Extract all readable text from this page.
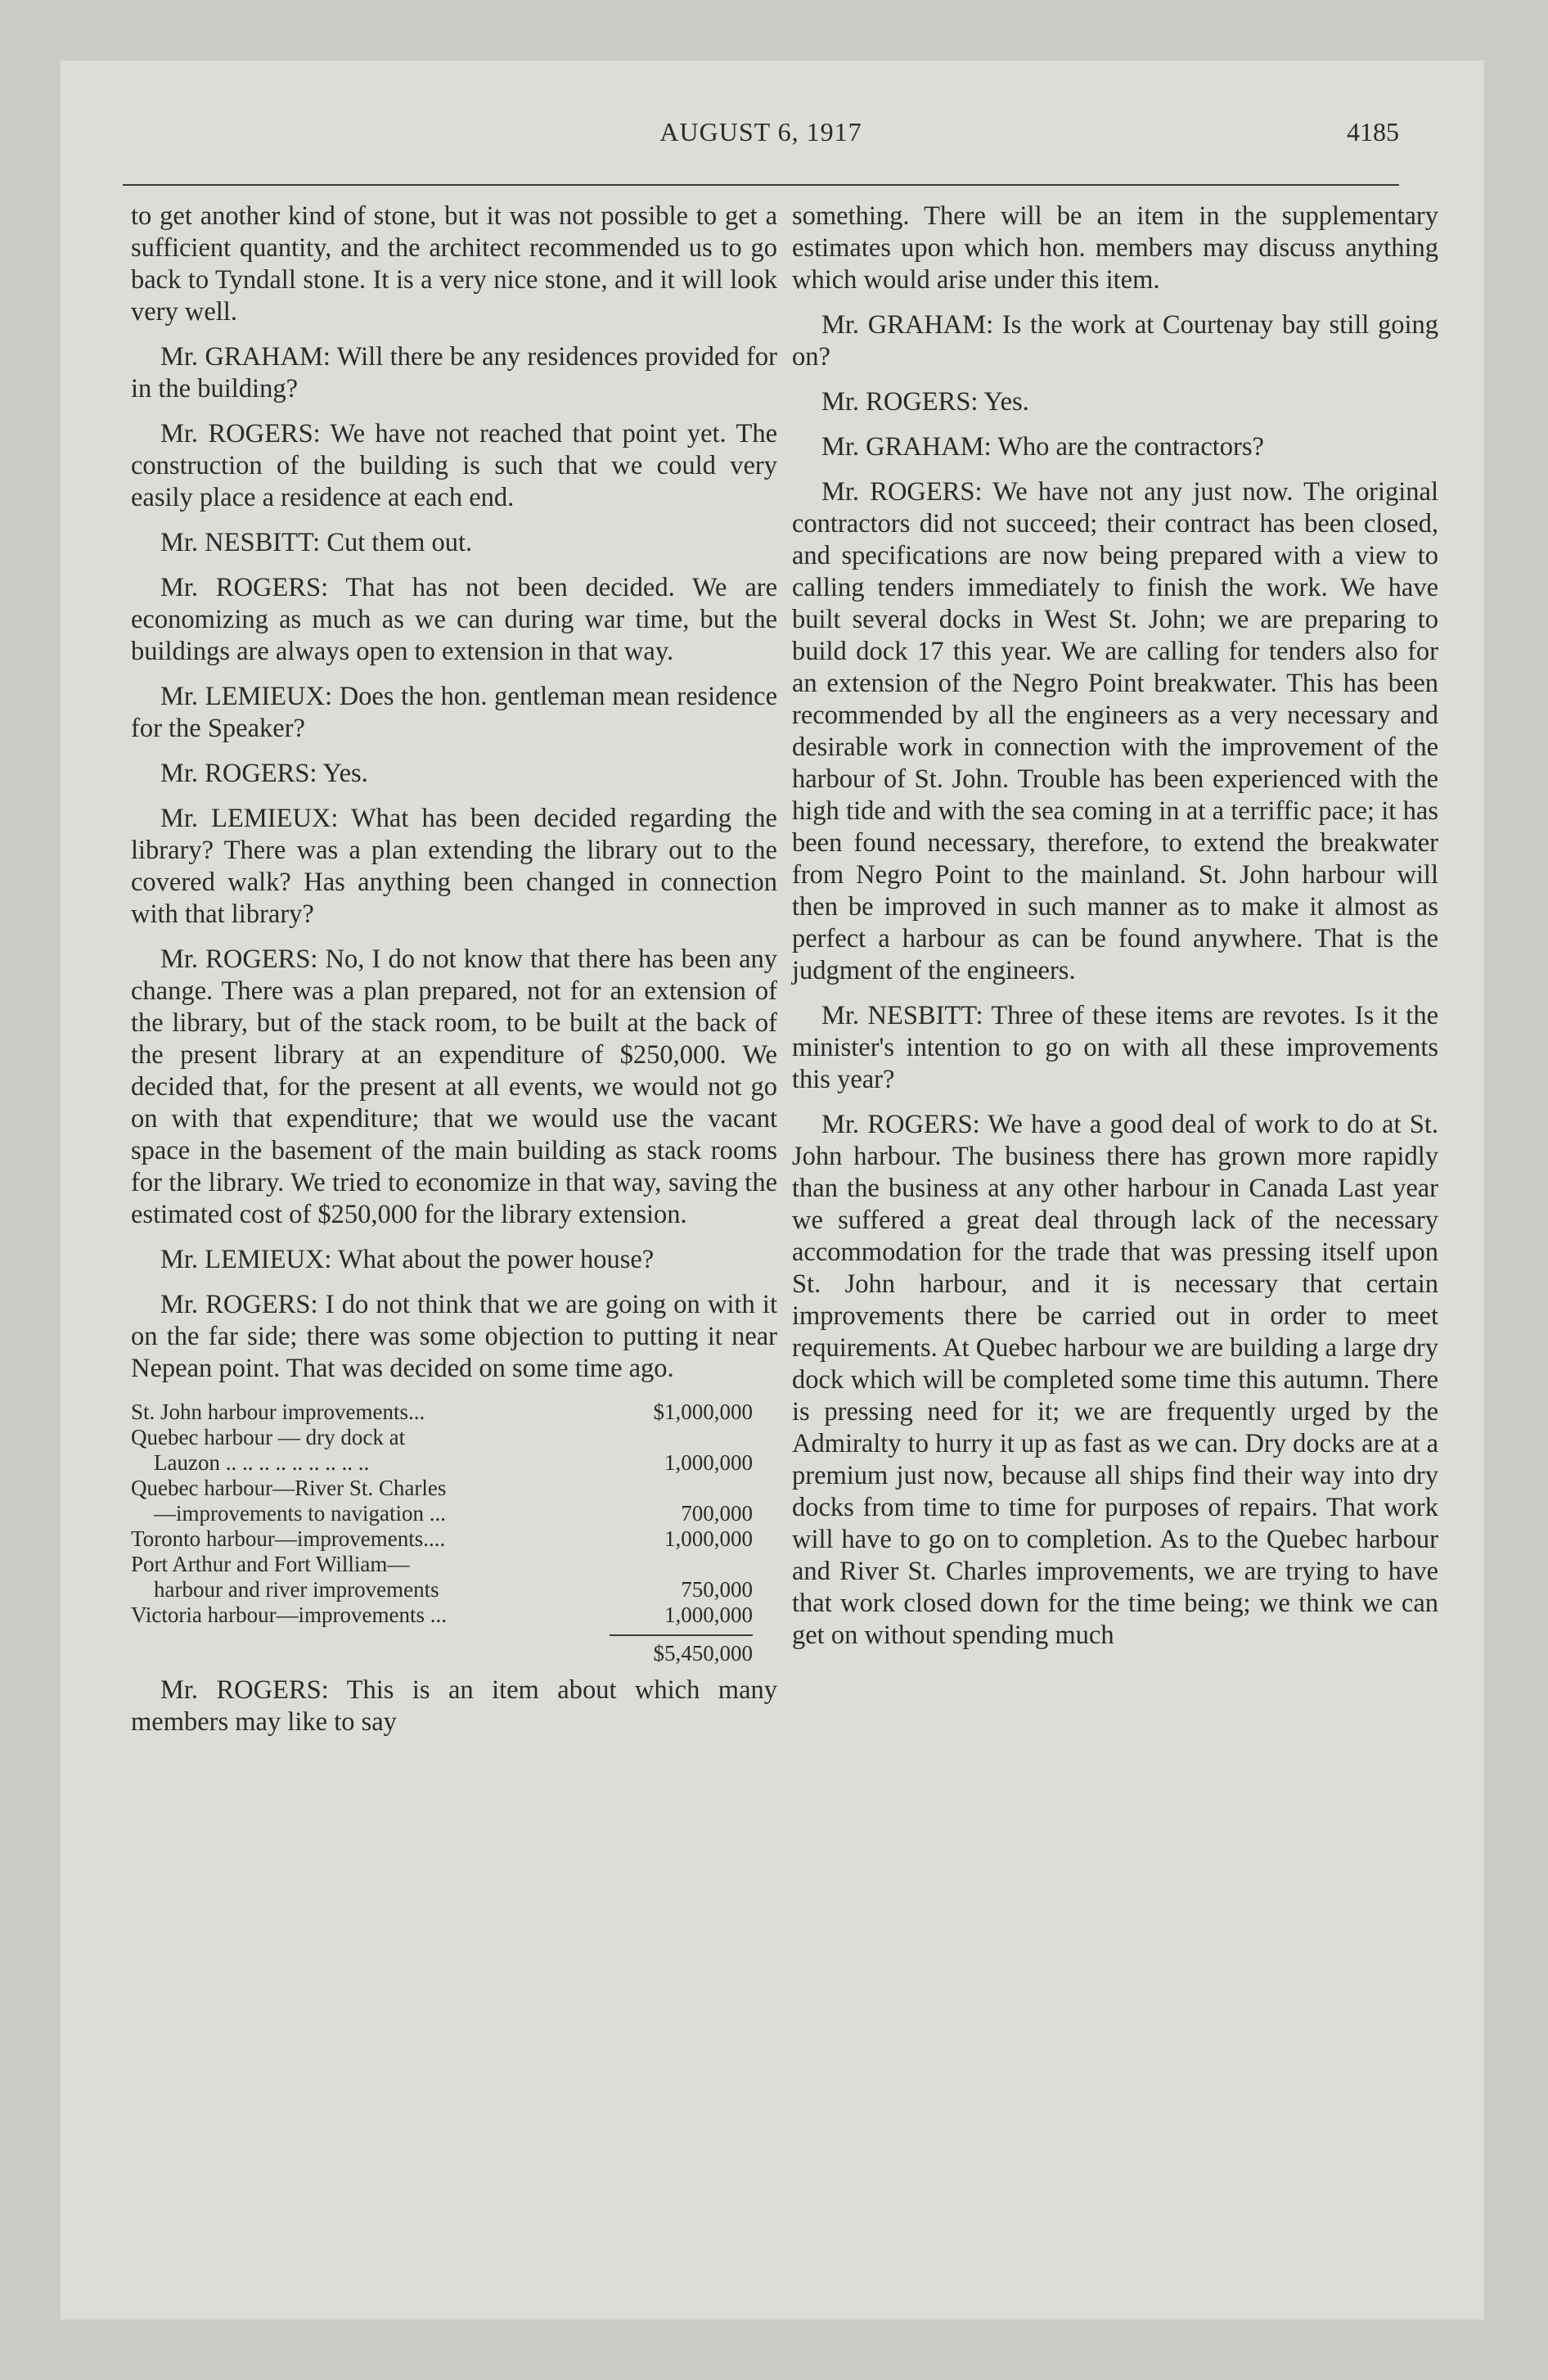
AUGUST 6, 1917	4185

to get another kind of stone, but it was not possible to get a sufficient quantity, and the architect recommended us to go back to Tyndall stone. It is a very nice stone, and it will look very well.

Mr. GRAHAM: Will there be any residences provided for in the building?

Mr. ROGERS: We have not reached that point yet. The construction of the building is such that we could very easily place a residence at each end.

Mr. NESBITT: Cut them out.

Mr. ROGERS: That has not been decided. We are economizing as much as we can during war time, but the buildings are always open to extension in that way.

Mr. LEMIEUX: Does the hon. gentleman mean residence for the Speaker?

Mr. ROGERS: Yes.

Mr. LEMIEUX: What has been decided regarding the library? There was a plan extending the library out to the covered walk? Has anything been changed in connection with that library?

Mr. ROGERS: No, I do not know that there has been any change. There was a plan prepared, not for an extension of the library, but of the stack room, to be built at the back of the present library at an expenditure of $250,000. We decided that, for the present at all events, we would not go on with that expenditure; that we would use the vacant space in the basement of the main building as stack rooms for the library. We tried to economize in that way, saving the estimated cost of $250,000 for the library extension.

Mr. LEMIEUX: What about the power house?

Mr. ROGERS: I do not think that we are going on with it on the far side; there was some objection to putting it near Nepean point. That was decided on some time ago.

St. John harbour improvements...	$1,000,000
Quebec harbour — dry dock at
Lauzon .. .. .. .. .. .. .. .. ..	1,000,000
Quebec harbour—River St. Charles
—improvements to navigation ...	700,000
Toronto harbour—improvements....	1,000,000
Port Arthur and Fort William—
harbour and river improvements	750,000
Victoria harbour—improvements ...	1,000,000
$5,450,000

Mr. ROGERS: This is an item about which many members may like to say

something. There will be an item in the supplementary estimates upon which hon. members may discuss anything which would arise under this item.

Mr. GRAHAM: Is the work at Courtenay bay still going on?

Mr. ROGERS: Yes.

Mr. GRAHAM: Who are the contractors?

Mr. ROGERS: We have not any just now. The original contractors did not succeed; their contract has been closed, and specifications are now being prepared with a view to calling tenders immediately to finish the work. We have built several docks in West St. John; we are preparing to build dock 17 this year. We are calling for tenders also for an extension of the Negro Point breakwater. This has been recommended by all the engineers as a very necessary and desirable work in connection with the improvement of the harbour of St. John. Trouble has been experienced with the high tide and with the sea coming in at a terriffic pace; it has been found necessary, therefore, to extend the breakwater from Negro Point to the mainland. St. John harbour will then be improved in such manner as to make it almost as perfect a harbour as can be found anywhere. That is the judgment of the engineers.

Mr. NESBITT: Three of these items are revotes. Is it the minister's intention to go on with all these improvements this year?

Mr. ROGERS: We have a good deal of work to do at St. John harbour. The business there has grown more rapidly than the business at any other harbour in Canada Last year we suffered a great deal through lack of the necessary accommodation for the trade that was pressing itself upon St. John harbour, and it is necessary that certain improvements there be carried out in order to meet requirements. At Quebec harbour we are building a large dry dock which will be completed some time this autumn. There is pressing need for it; we are frequently urged by the Admiralty to hurry it up as fast as we can. Dry docks are at a premium just now, because all ships find their way into dry docks from time to time for purposes of repairs. That work will have to go on to completion. As to the Quebec harbour and River St. Charles improvements, we are trying to have that work closed down for the time being; we think we can get on without spending much
